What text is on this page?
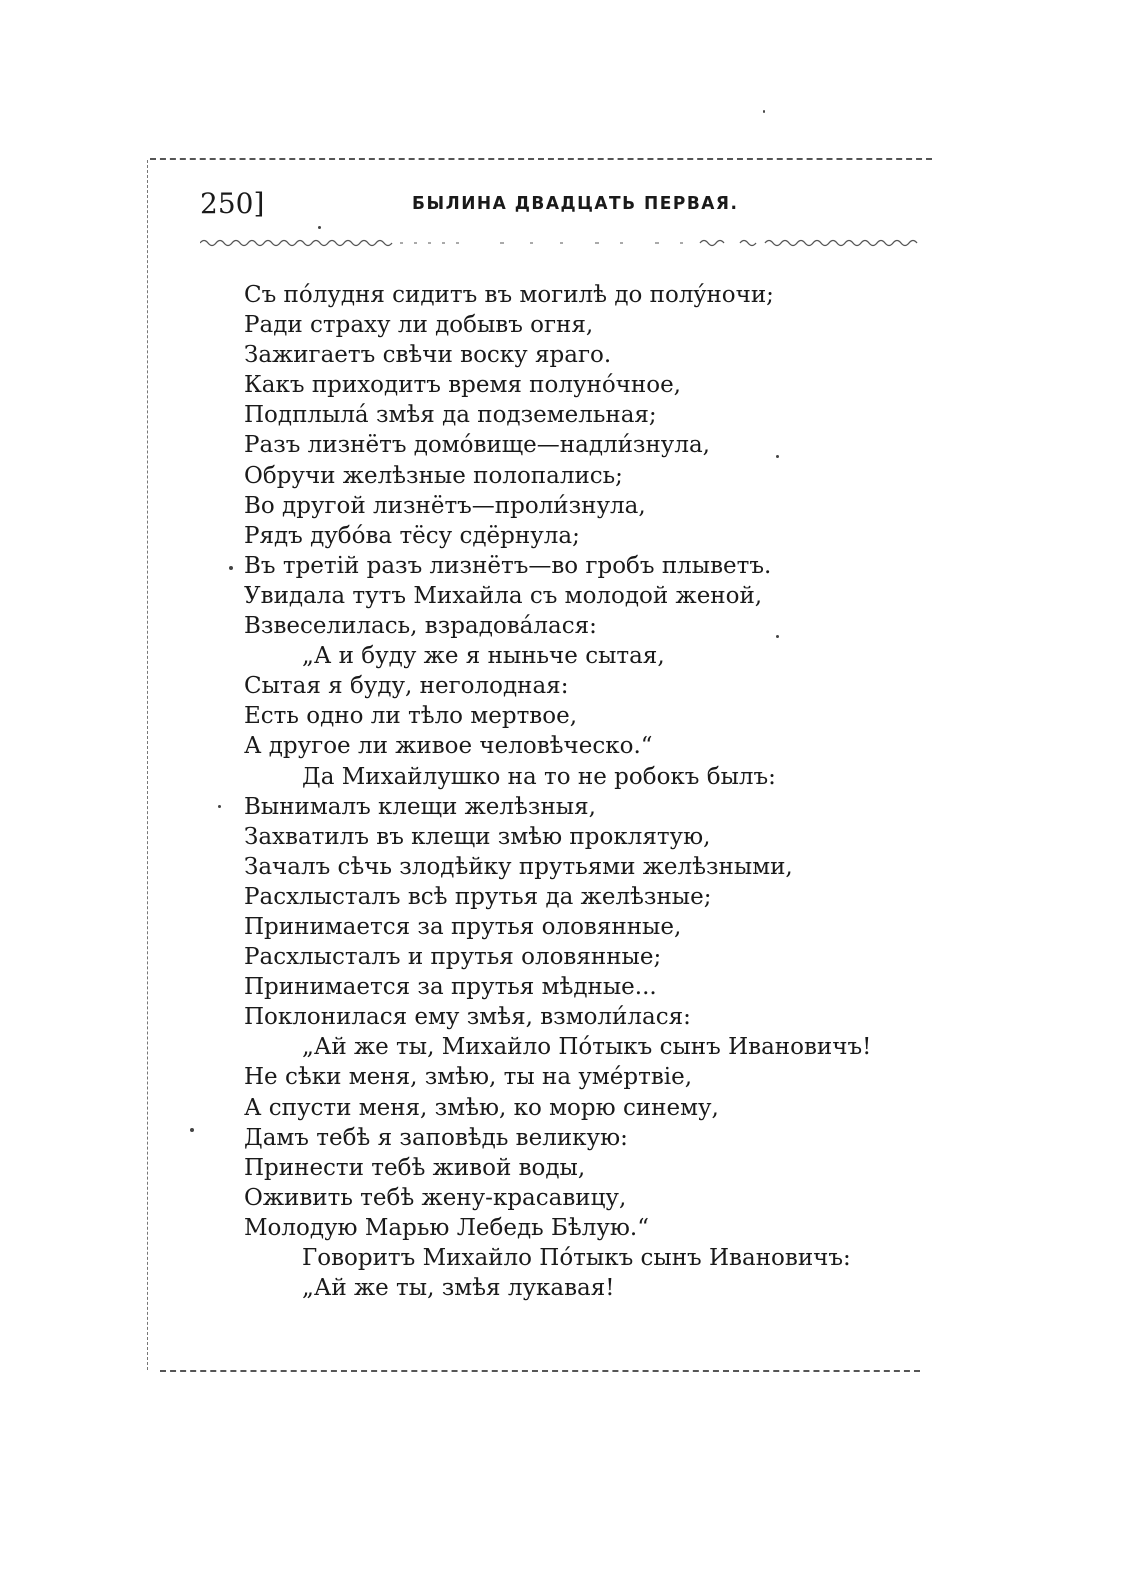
250]	БЫЛИНА ДВАДЦАТЬ ПЕРВАЯ.
Съ пóлудня сидитъ въ могилѣ до полýночи;
Ради страху ли добывъ огня,
Зажигаетъ свѣчи воску яраго.
Какъ приходитъ время полунóчное,
Подплылá змѣя да подземельная;
Разъ лизнётъ домóвище—надли́знула,
Обручи желѣзные полопались;
Во другой лизнётъ—проли́знула,
Рядъ дубóва тёсу сдёрнула;
Въ третій разъ лизнётъ—во гробъ плыветъ.
Увидала тутъ Михайла съ молодой женой,
Взвеселилась, взрадовáлася:
„А и буду же я ныньче сытая,
Сытая я буду, неголодная:
Есть одно ли тѣло мертвое,
А другое ли живое человѣческо.“
Да Михайлушко на то не робокъ былъ:
Вынималъ клещи желѣзныя,
Захватилъ въ клещи змѣю проклятую,
Зачалъ сѣчь злодѣйку прутьями желѣзными,
Расхлысталъ всѣ прутья да желѣзные;
Принимается за прутья оловянные,
Расхлысталъ и прутья оловянные;
Принимается за прутья мѣдные...
Поклонилася ему змѣя, взмоли́лася:
„Ай же ты, Михайло Пóтыкъ сынъ Ивановичъ!
Не сѣки меня, змѣю, ты на умéртвіе,
А спусти меня, змѣю, ко морю синему,
Дамъ тебѣ я заповѣдь великую:
Принести тебѣ живой воды,
Оживить тебѣ жену-красавицу,
Молодую Марью Лебедь Бѣлую.“
Говоритъ Михайло Пóтыкъ сынъ Ивановичъ:
„Ай же ты, змѣя лукавая!
